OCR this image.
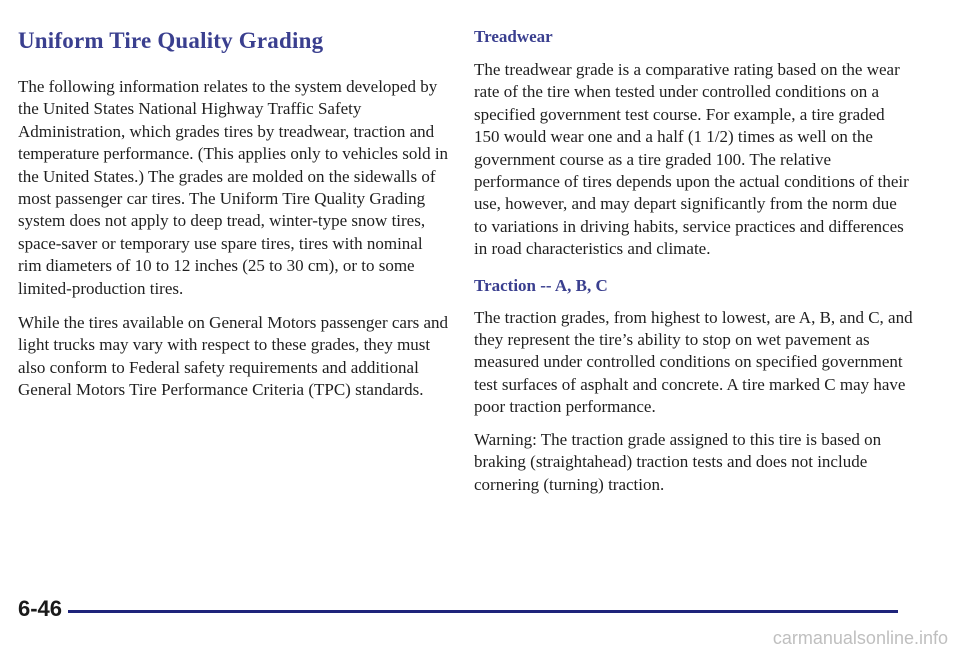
Uniform Tire Quality Grading

The following information relates to the system developed by the United States National Highway Traffic Safety Administration, which grades tires by treadwear, traction and temperature performance. (This applies only to vehicles sold in the United States.) The grades are molded on the sidewalls of most passenger car tires. The Uniform Tire Quality Grading system does not apply to deep tread, winter-type snow tires, space-saver or temporary use spare tires, tires with nominal rim diameters of 10 to 12 inches (25 to 30 cm), or to some limited-production tires.

While the tires available on General Motors passenger cars and light trucks may vary with respect to these grades, they must also conform to Federal safety requirements and additional General Motors Tire Performance Criteria (TPC) standards.

Treadwear

The treadwear grade is a comparative rating based on the wear rate of the tire when tested under controlled conditions on a specified government test course. For example, a tire graded 150 would wear one and a half (1 1/2) times as well on the government course as a tire graded 100. The relative performance of tires depends upon the actual conditions of their use, however, and may depart significantly from the norm due to variations in driving habits, service practices and differences in road characteristics and climate.

Traction -- A, B, C

The traction grades, from highest to lowest, are A, B, and C, and they represent the tire’s ability to stop on wet pavement as measured under controlled conditions on specified government test surfaces of asphalt and concrete. A tire marked C may have poor traction performance.

Warning: The traction grade assigned to this tire is based on braking (straightahead) traction tests and does not include cornering (turning) traction.

6-46
carmanualsonline.info
